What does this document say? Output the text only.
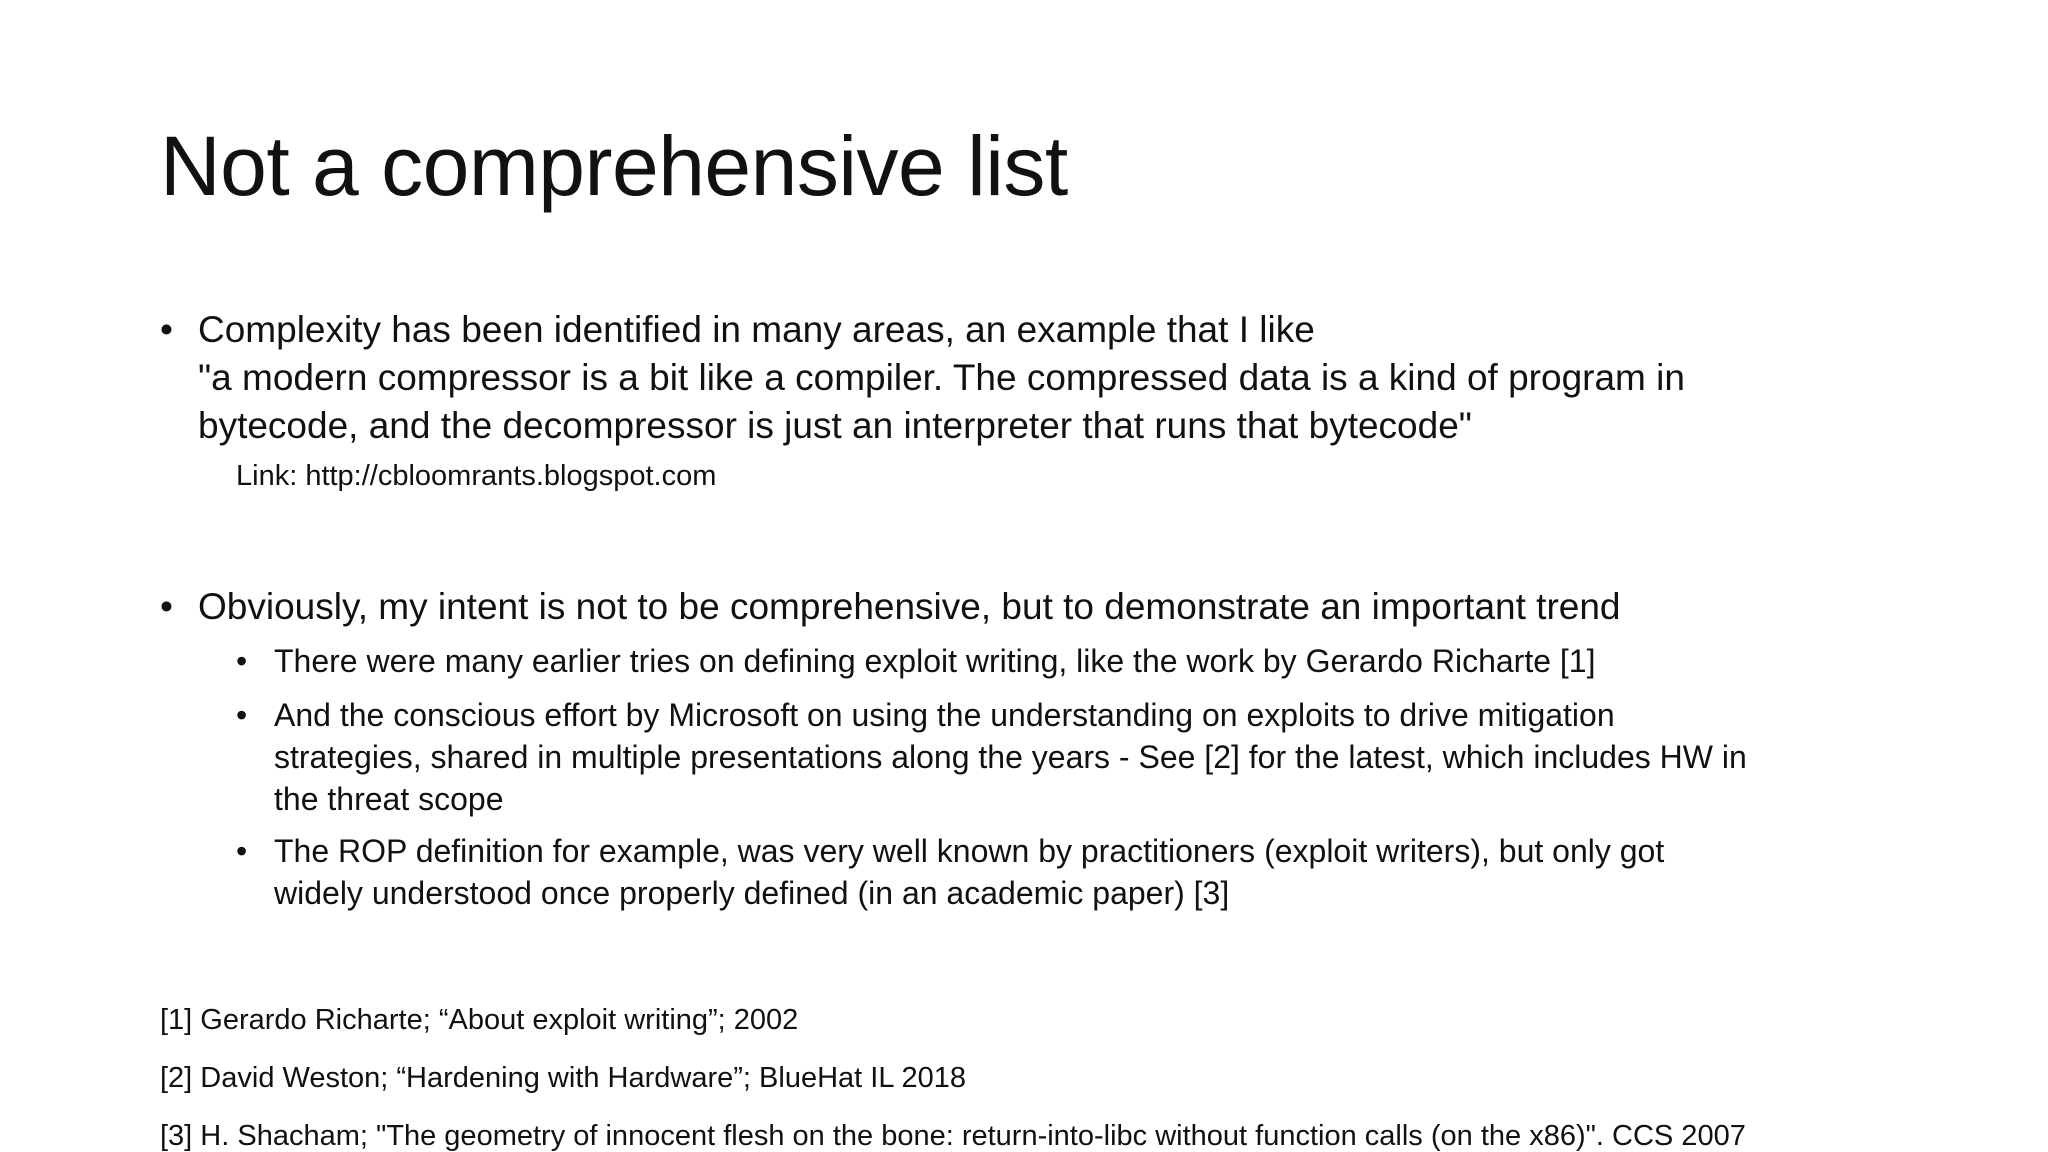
Not a comprehensive list
• Complexity has been identified in many areas, an example that I like
"a modern compressor is a bit like a compiler. The compressed data is a kind of program in
bytecode, and the decompressor is just an interpreter that runs that bytecode"
Link: http://cbloomrants.blogspot.com
• Obviously, my intent is not to be comprehensive, but to demonstrate an important trend
• There were many earlier tries on defining exploit writing, like the work by Gerardo Richarte [1]
• And the conscious effort by Microsoft on using the understanding on exploits to drive mitigation
strategies, shared in multiple presentations along the years - See [2] for the latest, which includes HW in
the threat scope
• The ROP definition for example, was very well known by practitioners (exploit writers), but only got
widely understood once properly defined (in an academic paper) [3]
[1] Gerardo Richarte; “About exploit writing”; 2002
[2] David Weston; “Hardening with Hardware”; BlueHat IL 2018
[3] H. Shacham; "The geometry of innocent flesh on the bone: return-into-libc without function calls (on the x86)". CCS 2007
